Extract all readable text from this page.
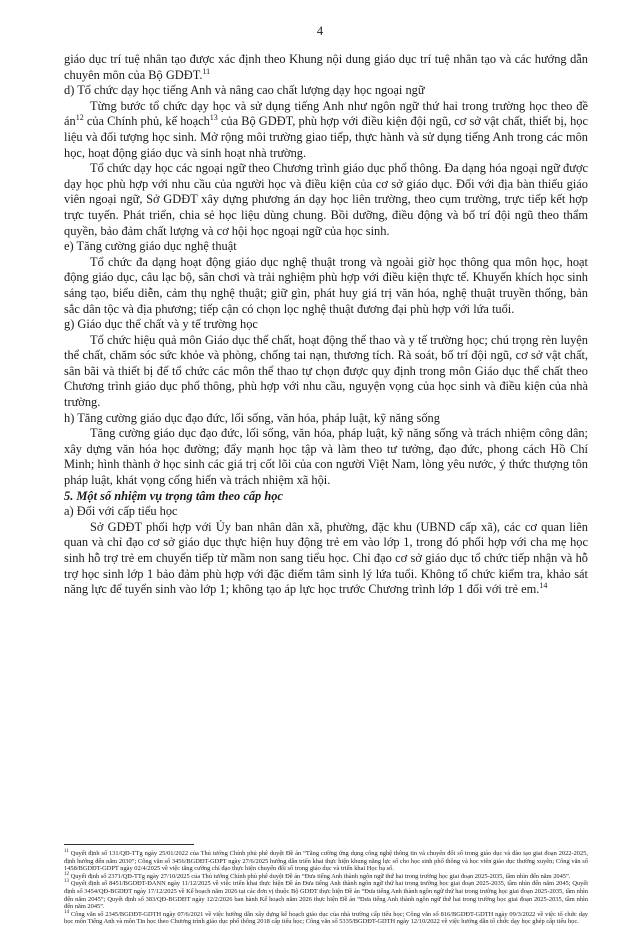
4

giáo dục trí tuệ nhân tạo được xác định theo Khung nội dung giáo dục trí tuệ nhân tạo và các hướng dẫn chuyên môn của Bộ GDĐT.$^{11}$

d) Tổ chức dạy học tiếng Anh và nâng cao chất lượng dạy học ngoại ngữ

Từng bước tổ chức dạy học và sử dụng tiếng Anh như ngôn ngữ thứ hai trong trường học theo đề $án^{12}$ của Chính phủ, kế hoạch$^{13}$ của Bộ GDĐT, phù hợp với điều kiện đội ngũ, cơ sở vật chất, thiết bị, học liệu và đối tượng học sinh. Mở rộng môi trường giao tiếp, thực hành và sử dụng tiếng Anh trong các môn học, hoạt động giáo dục và sinh hoạt nhà trường.

Tổ chức dạy học các ngoại ngữ theo Chương trình giáo dục phổ thông. Đa dạng hóa ngoại ngữ được dạy học phù hợp với nhu cầu của người học và điều kiện của cơ sở giáo dục. Đối với địa bàn thiếu giáo viên ngoại ngữ, Sở GDĐT xây dựng phương án dạy học liên trường, theo cụm trường, trực tiếp kết hợp trực tuyến. Phát triển, chia sẻ học liệu dùng chung. Bồi dưỡng, điều động và bố trí đội ngũ theo thẩm quyền, bảo đảm chất lượng và cơ hội học ngoại ngữ của học sinh.

e) Tăng cường giáo dục nghệ thuật

Tổ chức đa dạng hoạt động giáo dục nghệ thuật trong và ngoài giờ học thông qua môn học, hoạt động giáo dục, câu lạc bộ, sân chơi và trải nghiệm phù hợp với điều kiện thực tế. Khuyến khích học sinh sáng tạo, biểu diễn, cảm thụ nghệ thuật; giữ gìn, phát huy giá trị văn hóa, nghệ thuật truyền thống, bản sắc dân tộc và địa phương; tiếp cận có chọn lọc nghệ thuật đương đại phù hợp với lứa tuổi.

g) Giáo dục thể chất và y tế trường học

Tổ chức hiệu quả môn Giáo dục thể chất, hoạt động thể thao và y tế trường học; chú trọng rèn luyện thể chất, chăm sóc sức khỏe và phòng, chống tai nạn, thương tích. Rà soát, bố trí đội ngũ, cơ sở vật chất, sân bãi và thiết bị để tổ chức các môn thể thao tự chọn được quy định trong môn Giáo dục thể chất theo Chương trình giáo dục phổ thông, phù hợp với nhu cầu, nguyện vọng của học sinh và điều kiện của nhà trường.

h) Tăng cường giáo dục đạo đức, lối sống, văn hóa, pháp luật, kỹ năng sống

Tăng cường giáo dục đạo đức, lối sống, văn hóa, pháp luật, kỹ năng sống và trách nhiệm công dân; xây dựng văn hóa học đường; đẩy mạnh học tập và làm theo tư tưởng, đạo đức, phong cách Hồ Chí Minh; hình thành ở học sinh các giá trị cốt lõi của con người Việt Nam, lòng yêu nước, ý thức thượng tôn pháp luật, khát vọng cống hiến và trách nhiệm xã hội.

5. Một số nhiệm vụ trọng tâm theo cấp học

a) Đối với cấp tiểu học

Sở GDĐT phối hợp với Ủy ban nhân dân xã, phường, đặc khu (UBND cấp xã), các cơ quan liên quan và chỉ đạo cơ sở giáo dục thực hiện huy động trẻ em vào lớp 1, trong đó phối hợp với cha mẹ học sinh hỗ trợ trẻ em chuyển tiếp từ mầm non sang tiểu học. Chỉ đạo cơ sở giáo dục tổ chức tiếp nhận và hỗ trợ học sinh lớp 1 bảo đảm phù hợp với đặc điểm tâm sinh lý lứa tuổi. Không tổ chức kiểm tra, khảo sát năng lực để tuyển sinh vào lớp 1; không tạo áp lực học trước Chương trình lớp 1 đối với trẻ em.$^{14}$

$^{11}$ Quyết định số 131/QĐ-TTg ngày 25/01/2022 của Thủ tướng Chính phủ phê duyệt Đề án “Tăng cường ứng dụng công nghệ thông tin và chuyển đổi số trong giáo dục và đào tạo giai đoạn 2022-2025, định hướng đến năm 2030”; Công văn số 3456/BGDĐT-GDPT ngày 27/6/2025 hướng dẫn triển khai thực hiện khung năng lực số cho học sinh phổ thông và học viên giáo dục thường xuyên; Công văn số 1458/BGDĐT-GDPT ngày 02/4/2025 về việc tăng cường chỉ đạo thực hiện chuyển đổi số trong giáo dục và triển khai Học bạ số.

$^{12}$ Quyết định số 2371/QĐ-TTg ngày 27/10/2025 của Thủ tướng Chính phủ phê duyệt Đề án “Đưa tiếng Anh thành ngôn ngữ thứ hai trong trường học giai đoạn 2025-2035, tầm nhìn đến năm 2045”.

$^{13}$ Quyết định số 8451/BGDĐT-ĐANN ngày 11/12/2025 về việc triển khai thực hiện Đề án Đưa tiếng Anh thành ngôn ngữ thứ hai trong trường học giai đoạn 2025-2035, tầm nhìn đến năm 2045; Quyết định số 3454/QĐ-BGDĐT ngày 17/12/2025 về Kế hoạch năm 2026 tại các đơn vị thuộc Bộ GDĐT thực hiện Đề án “Đưa tiếng Anh thành ngôn ngữ thứ hai trong trường học giai đoạn 2025-2035, tầm nhìn đến năm 2045”; Quyết định số 383/QĐ-BGDĐT ngày 12/2/2026 ban hành Kế hoạch năm 2026 thực hiện Đề án “Đưa tiếng Anh thành ngôn ngữ thứ hai trong trường học giai đoạn 2025-2035, tầm nhìn đến năm 2045”.

$^{14}$ Công văn số 2345/BGDĐT-GDTH ngày 07/6/2021 về việc hướng dẫn xây dựng kế hoạch giáo dục của nhà trường cấp tiểu học; Công văn số 816/BGDĐT-GDTH ngày 09/3/2022 về việc tổ chức dạy học môn Tiếng Anh và môn Tin học theo Chương trình giáo dục phổ thông 2018 cấp tiểu học; Công văn số 5335/BGDĐT-GDTH ngày 12/10/2022 về việc hướng dẫn tổ chức dạy học ghép cấp tiểu học.
